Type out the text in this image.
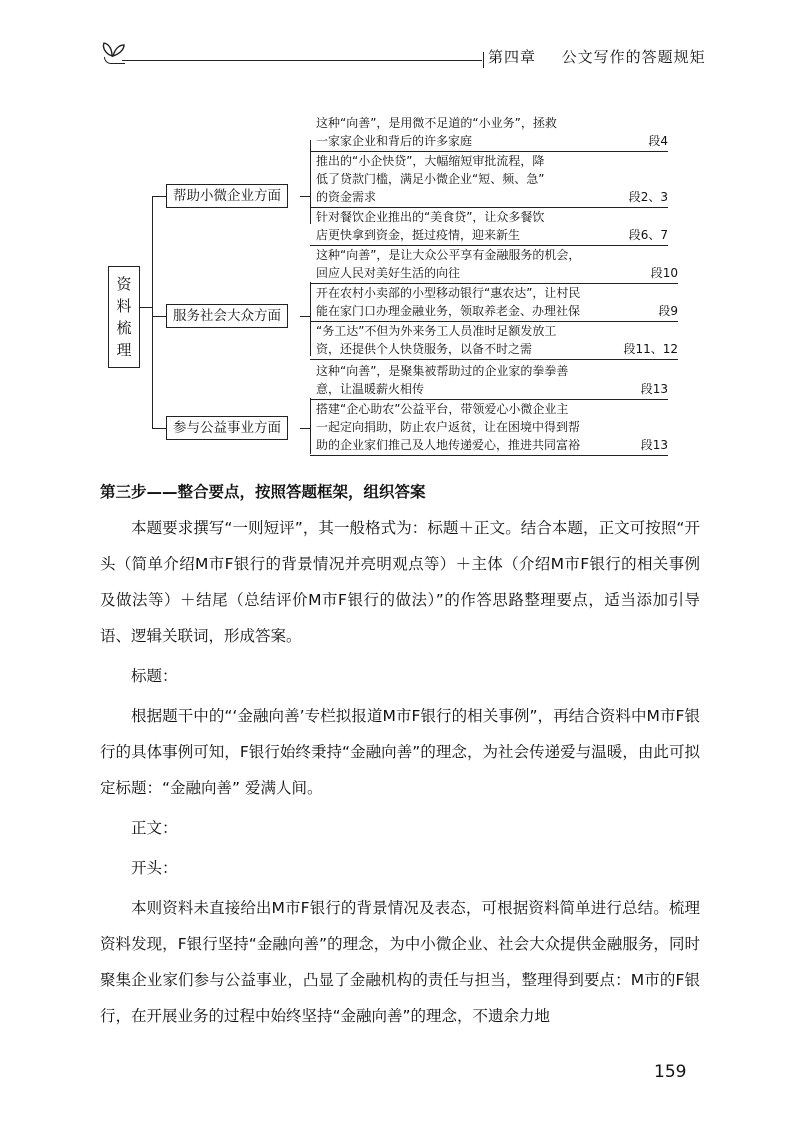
第四章 公文写作的答题规矩
资料梳理
帮助小微企业方面

这种“向善”，是用微不足道的“小业务”，拯救

一家家企业和背后的许多家庭	段4

推出的“小企快贷”，大幅缩短审批流程，降

低了贷款门槛，满足小微企业“短、频、急”

的资金需求	段2、3

针对餐饮企业推出的“美食贷”，让众多餐饮

店更快拿到资金，挺过疫情，迎来新生	段6、7
服务社会大众方面

这种“向善”，是让大众公平享有金融服务的机会，

回应人民对美好生活的向往	段10

开在农村小卖部的小型移动银行“惠农达”，让村民

能在家门口办理金融业务，领取养老金、办理社保	段9

“务工达”不但为外来务工人员准时足额发放工

资，还提供个人快贷服务，以备不时之需	段11、12
参与公益事业方面

这种“向善”，是聚集被帮助过的企业家的拳拳善

意，让温暖薪火相传	段13

搭建“企心助农”公益平台，带领爱心小微企业主

一起定向捐助，防止农户返贫，让在困境中得到帮

助的企业家们推己及人地传递爱心，推进共同富裕	段13

第三步——整合要点，按照答题框架，组织答案

本题要求撰写“一则短评”，其一般格式为：标题＋正文。结合本题，正文可按照“开头（简单介绍M市F银行的背景情况并亮明观点等）＋主体（介绍M市F银行的相关事例及做法等）＋结尾（总结评价M市F银行的做法）”的作答思路整理要点，适当添加引导语、逻辑关联词，形成答案。

标题：

根据题干中的“‘金融向善’专栏拟报道M市F银行的相关事例”，再结合资料中M市F银行的具体事例可知，F银行始终秉持“金融向善”的理念，为社会传递爱与温暖，由此可拟定标题：“金融向善” 爱满人间。

正文：

开头：

本则资料未直接给出M市F银行的背景情况及表态，可根据资料简单进行总结。梳理资料发现，F银行坚持“金融向善”的理念，为中小微企业、社会大众提供金融服务，同时聚集企业家们参与公益事业，凸显了金融机构的责任与担当，整理得到要点：M市的F银行，在开展业务的过程中始终坚持“金融向善”的理念，不遗余力地

159
